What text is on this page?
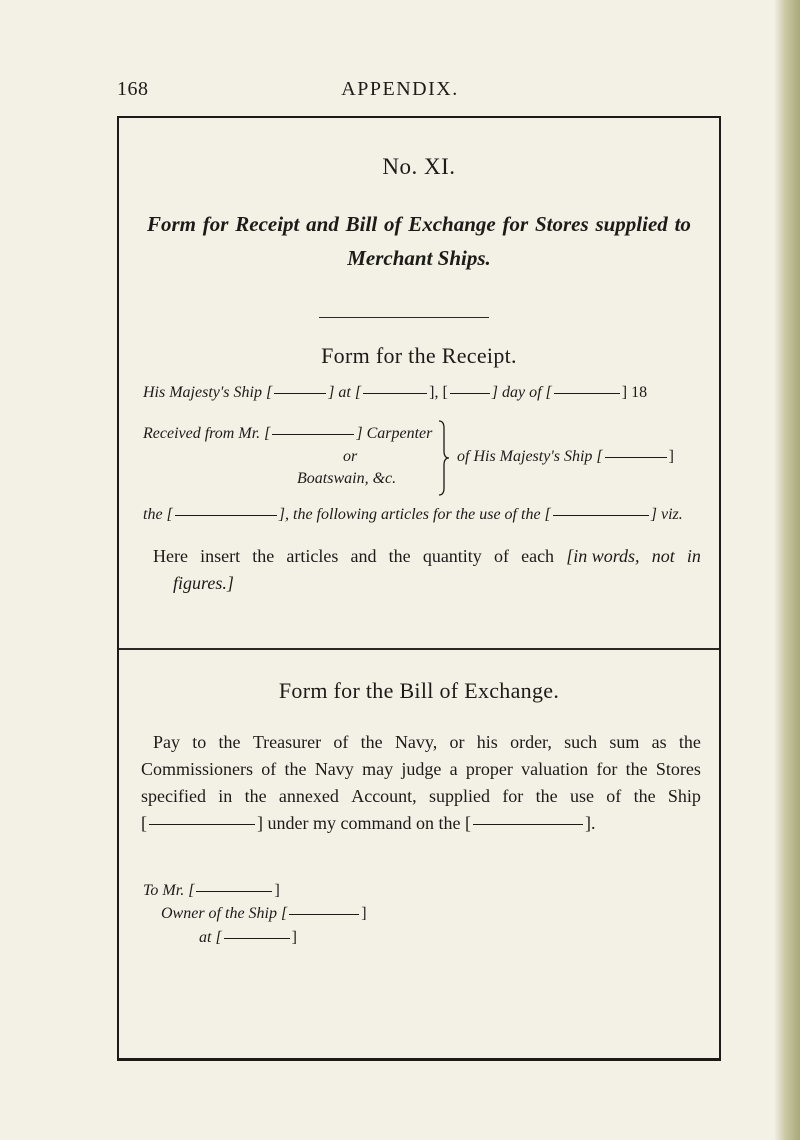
168	APPENDIX.
No. XI.
Form for Receipt and Bill of Exchange for Stores supplied to
Merchant Ships.
Form for the Receipt.
His Majesty's Ship [	] at [	], [	] day of [	] 18
Received from Mr. [	] Carpenter
of His Majesty's Ship [	]
or
Boatswain, &c.
the [	], the following articles for the use of the [	] viz.
Here insert the articles and the quantity of each [in words, not in
figures.]
Form for the Bill of Exchange.
Pay to the Treasurer of the Navy, or his order, such sum as the
Commissioners of the Navy may judge a proper valuation for the Stores
specified in the annexed Account, supplied for the use of the Ship
[	] under my command on the [	].
To Mr. [	]
Owner of the Ship [	]
at [	]
